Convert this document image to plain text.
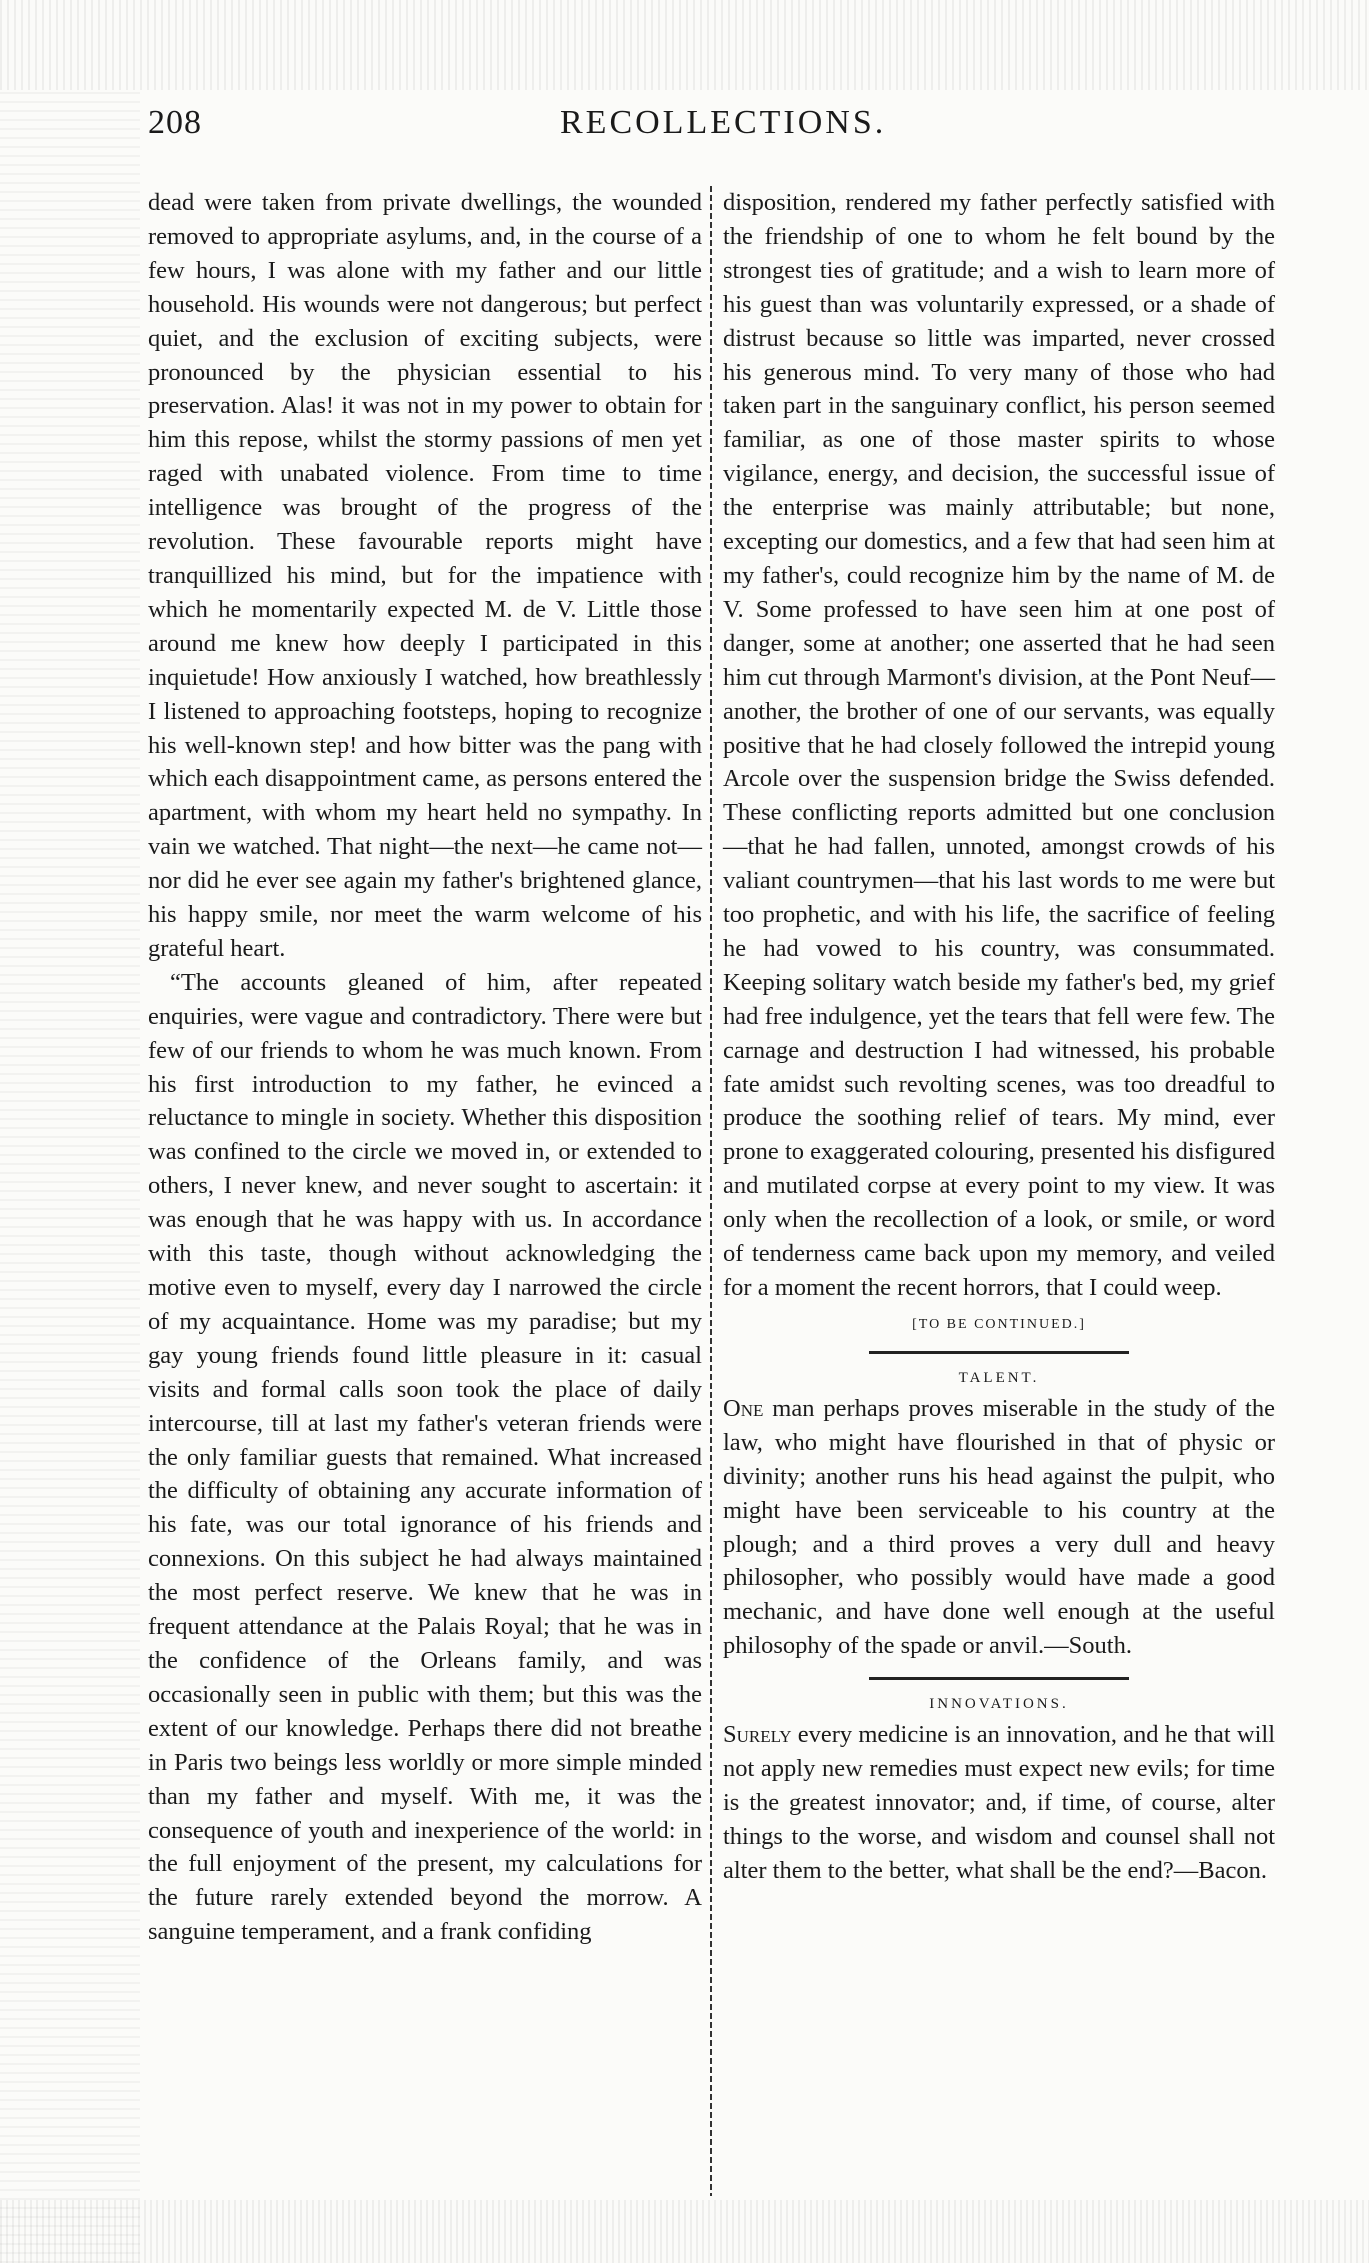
208	RECOLLECTIONS.

dead were taken from private dwellings, the wounded removed to appropriate asylums, and, in the course of a few hours, I was alone with my father and our little household. His wounds were not dangerous; but perfect quiet, and the exclusion of exciting subjects, were pronounced by the physician essential to his preservation. Alas! it was not in my power to obtain for him this repose, whilst the stormy passions of men yet raged with unabated violence. From time to time intelligence was brought of the progress of the revolution. These favourable reports might have tranquillized his mind, but for the impatience with which he momentarily expected M. de V. Little those around me knew how deeply I participated in this inquietude! How anxiously I watched, how breathlessly I listened to approaching footsteps, hoping to recognize his well-known step! and how bitter was the pang with which each disappointment came, as persons entered the apartment, with whom my heart held no sympathy. In vain we watched. That night—the next—he came not—nor did he ever see again my father's brightened glance, his happy smile, nor meet the warm welcome of his grateful heart.

“The accounts gleaned of him, after repeated enquiries, were vague and contradictory. There were but few of our friends to whom he was much known. From his first introduction to my father, he evinced a reluctance to mingle in society. Whether this disposition was confined to the circle we moved in, or extended to others, I never knew, and never sought to ascertain: it was enough that he was happy with us. In accordance with this taste, though without acknowledging the motive even to myself, every day I narrowed the circle of my acquaintance. Home was my paradise; but my gay young friends found little pleasure in it: casual visits and formal calls soon took the place of daily intercourse, till at last my father's veteran friends were the only familiar guests that remained. What increased the difficulty of obtaining any accurate information of his fate, was our total ignorance of his friends and connexions. On this subject he had always maintained the most perfect reserve. We knew that he was in frequent attendance at the Palais Royal; that he was in the confidence of the Orleans family, and was occasionally seen in public with them; but this was the extent of our knowledge. Perhaps there did not breathe in Paris two beings less worldly or more simple minded than my father and myself. With me, it was the consequence of youth and inexperience of the world: in the full enjoyment of the present, my calculations for the future rarely extended beyond the morrow. A sanguine temperament, and a frank confiding

disposition, rendered my father perfectly satisfied with the friendship of one to whom he felt bound by the strongest ties of gratitude; and a wish to learn more of his guest than was voluntarily expressed, or a shade of distrust because so little was imparted, never crossed his generous mind. To very many of those who had taken part in the sanguinary conflict, his person seemed familiar, as one of those master spirits to whose vigilance, energy, and decision, the successful issue of the enterprise was mainly attributable; but none, excepting our domestics, and a few that had seen him at my father's, could recognize him by the name of M. de V. Some professed to have seen him at one post of danger, some at another; one asserted that he had seen him cut through Marmont's division, at the Pont Neuf—another, the brother of one of our servants, was equally positive that he had closely followed the intrepid young Arcole over the suspension bridge the Swiss defended. These conflicting reports admitted but one conclusion—that he had fallen, unnoted, amongst crowds of his valiant countrymen—that his last words to me were but too prophetic, and with his life, the sacrifice of feeling he had vowed to his country, was consummated. Keeping solitary watch beside my father's bed, my grief had free indulgence, yet the tears that fell were few. The carnage and destruction I had witnessed, his probable fate amidst such revolting scenes, was too dreadful to produce the soothing relief of tears. My mind, ever prone to exaggerated colouring, presented his disfigured and mutilated corpse at every point to my view. It was only when the recollection of a look, or smile, or word of tenderness came back upon my memory, and veiled for a moment the recent horrors, that I could weep.

[TO BE CONTINUED.]
TALENT.

One man perhaps proves miserable in the study of the law, who might have flourished in that of physic or divinity; another runs his head against the pulpit, who might have been serviceable to his country at the plough; and a third proves a very dull and heavy philosopher, who possibly would have made a good mechanic, and have done well enough at the useful philosophy of the spade or anvil.—South.

INNOVATIONS.

Surely every medicine is an innovation, and he that will not apply new remedies must expect new evils; for time is the greatest innovator; and, if time, of course, alter things to the worse, and wisdom and counsel shall not alter them to the better, what shall be the end?—Bacon.
